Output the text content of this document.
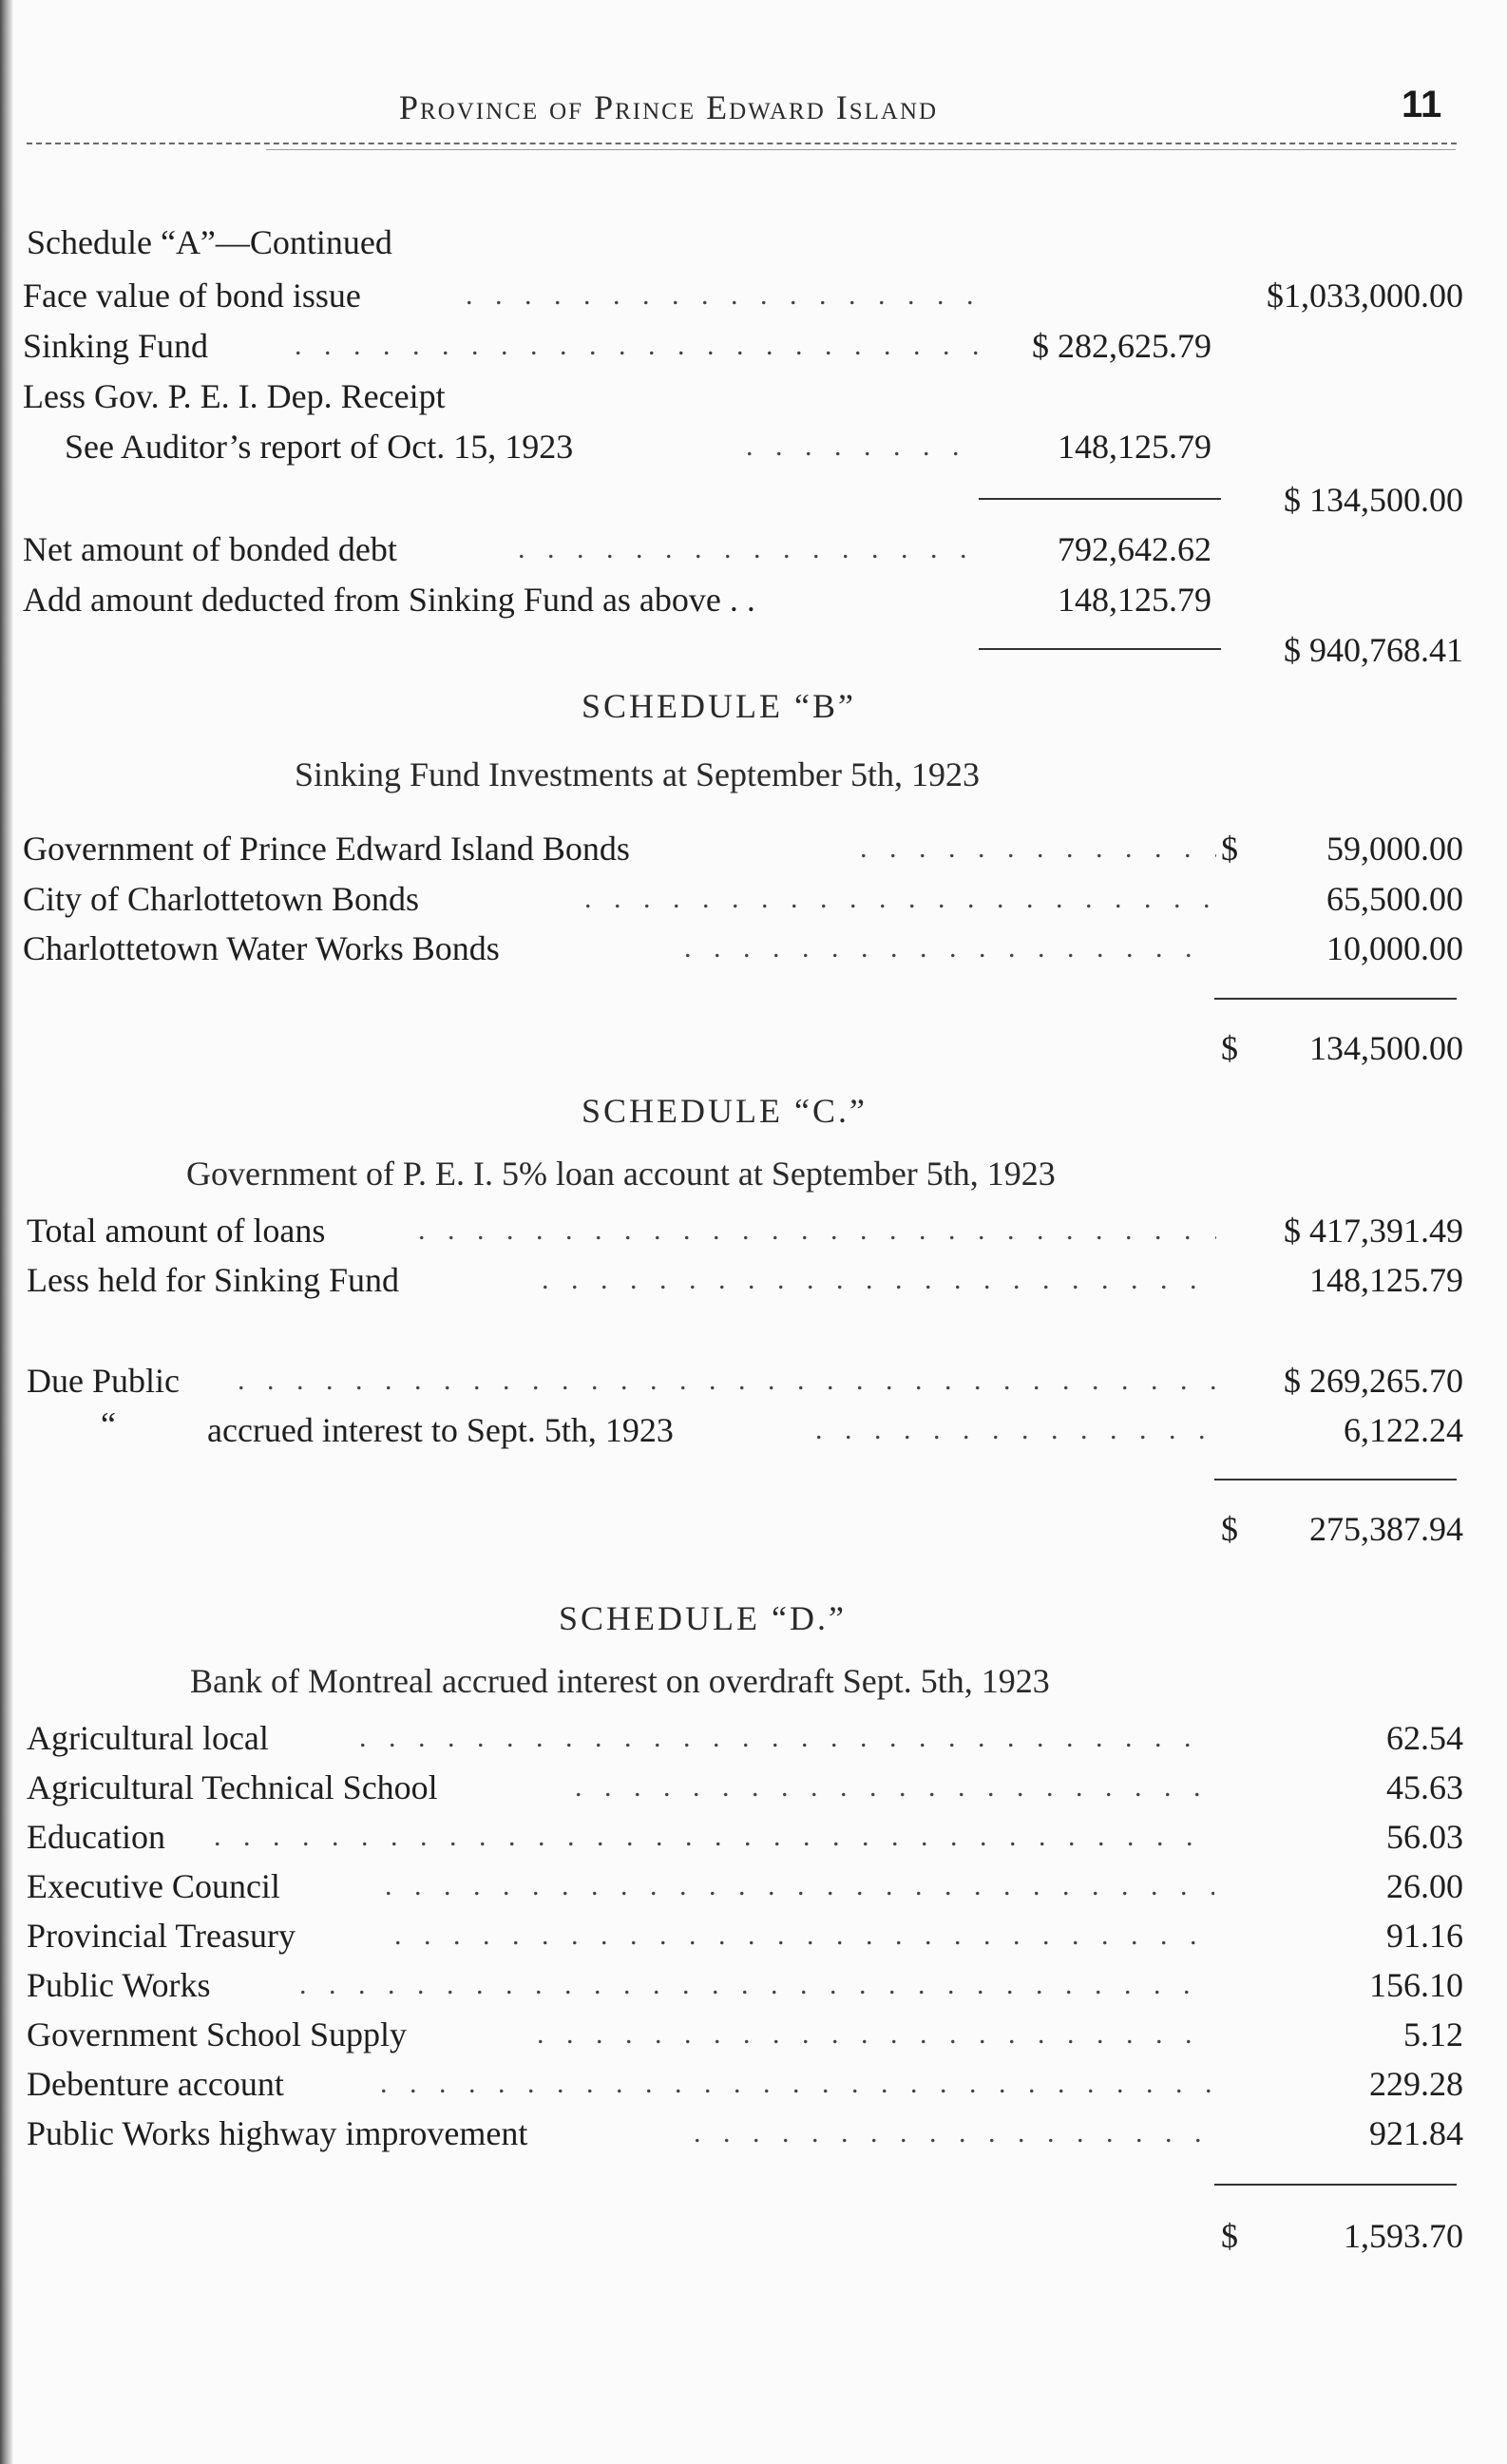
Province of Prince Edward Island	11
Schedule “A”—Continued
Face value of bond issue . . .	$1,033,000.00
Sinking Fund . . .	$ 282,625.79
Less Gov. P. E. I. Dep. Receipt
See Auditor’s report of Oct. 15, 1923 . . .	148,125.79
$ 134,500.00
Net amount of bonded debt . . .	792,642.62
Add amount deducted from Sinking Fund as above . .	148,125.79
$ 940,768.41
SCHEDULE “B”
Sinking Fund Investments at September 5th, 1923
Government of Prince Edward Island Bonds . . .	$	59,000.00
City of Charlottetown Bonds . . .	65,500.00
Charlottetown Water Works Bonds . . .	10,000.00
$	134,500.00
SCHEDULE “C.”
Government of P. E. I. 5% loan account at September 5th, 1923
Total amount of loans . . .	$ 417,391.49
Less held for Sinking Fund . . .	148,125.79
Due Public . . .	$ 269,265.70
“	accrued interest to Sept. 5th, 1923 . . .	6,122.24
$	275,387.94
SCHEDULE “D.”
Bank of Montreal accrued interest on overdraft Sept. 5th, 1923
Agricultural local . . .	62.54
Agricultural Technical School . . .	45.63
Education . . .	56.03
Executive Council . . .	26.00
Provincial Treasury . . .	91.16
Public Works . . .	156.10
Government School Supply . . .	5.12
Debenture account . . .	229.28
Public Works highway improvement . . .	921.84
$	1,593.70
